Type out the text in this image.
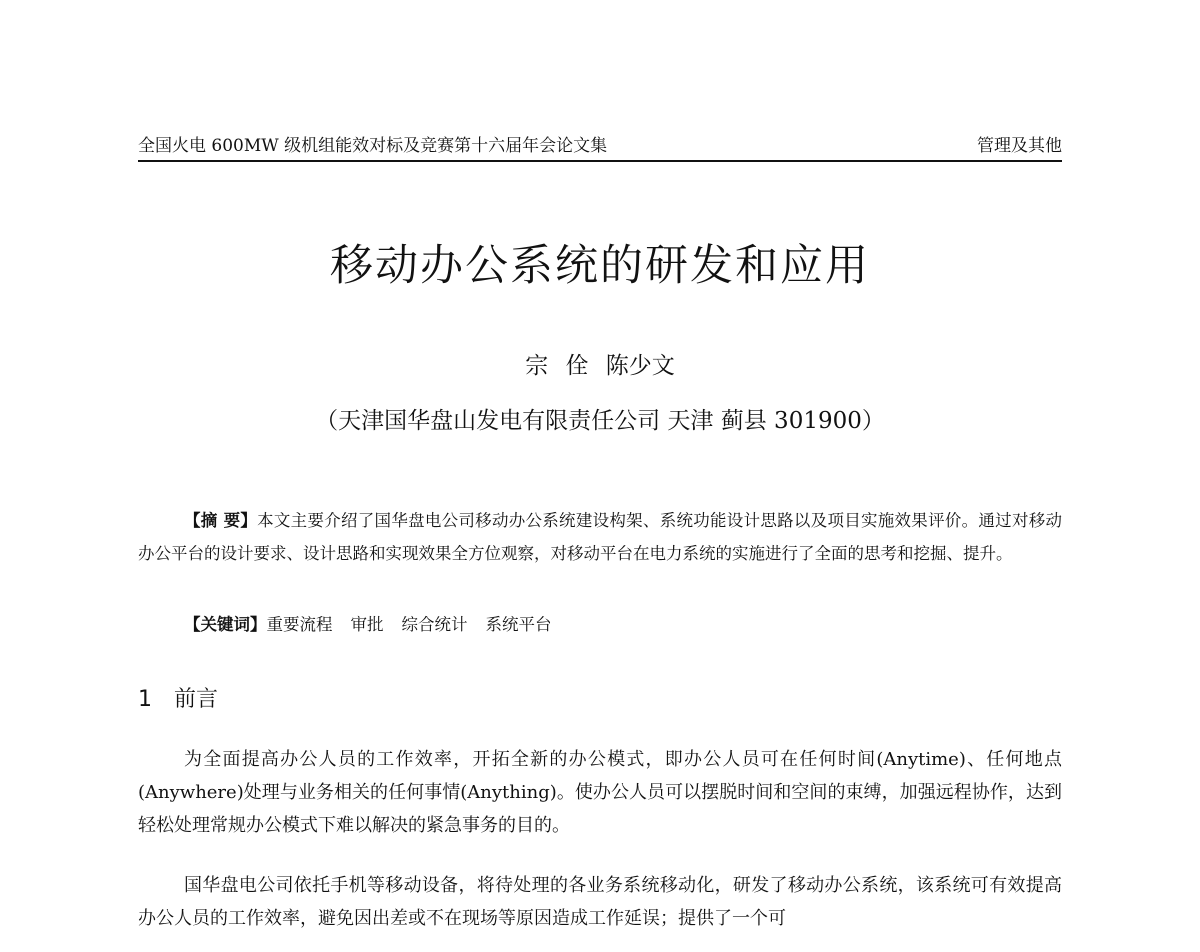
全国火电 600MW 级机组能效对标及竞赛第十六届年会论文集	管理及其他
移动办公系统的研发和应用
宗 佺 陈少文
（天津国华盘山发电有限责任公司 天津 蓟县 301900）
【摘 要】本文主要介绍了国华盘电公司移动办公系统建设构架、系统功能设计思路以及项目实施效果评价。通过对移动办公平台的设计要求、设计思路和实现效果全方位观察，对移动平台在电力系统的实施进行了全面的思考和挖掘、提升。
【关键词】重要流程 审批 综合统计 系统平台
1 前言
为全面提高办公人员的工作效率，开拓全新的办公模式，即办公人员可在任何时间(Anytime)、任何地点(Anywhere)处理与业务相关的任何事情(Anything)。使办公人员可以摆脱时间和空间的束缚，加强远程协作，达到轻松处理常规办公模式下难以解决的紧急事务的目的。
国华盘电公司依托手机等移动设备，将待处理的各业务系统移动化，研发了移动办公系统，该系统可有效提高办公人员的工作效率，避免因出差或不在现场等原因造成工作延误；提供了一个可
